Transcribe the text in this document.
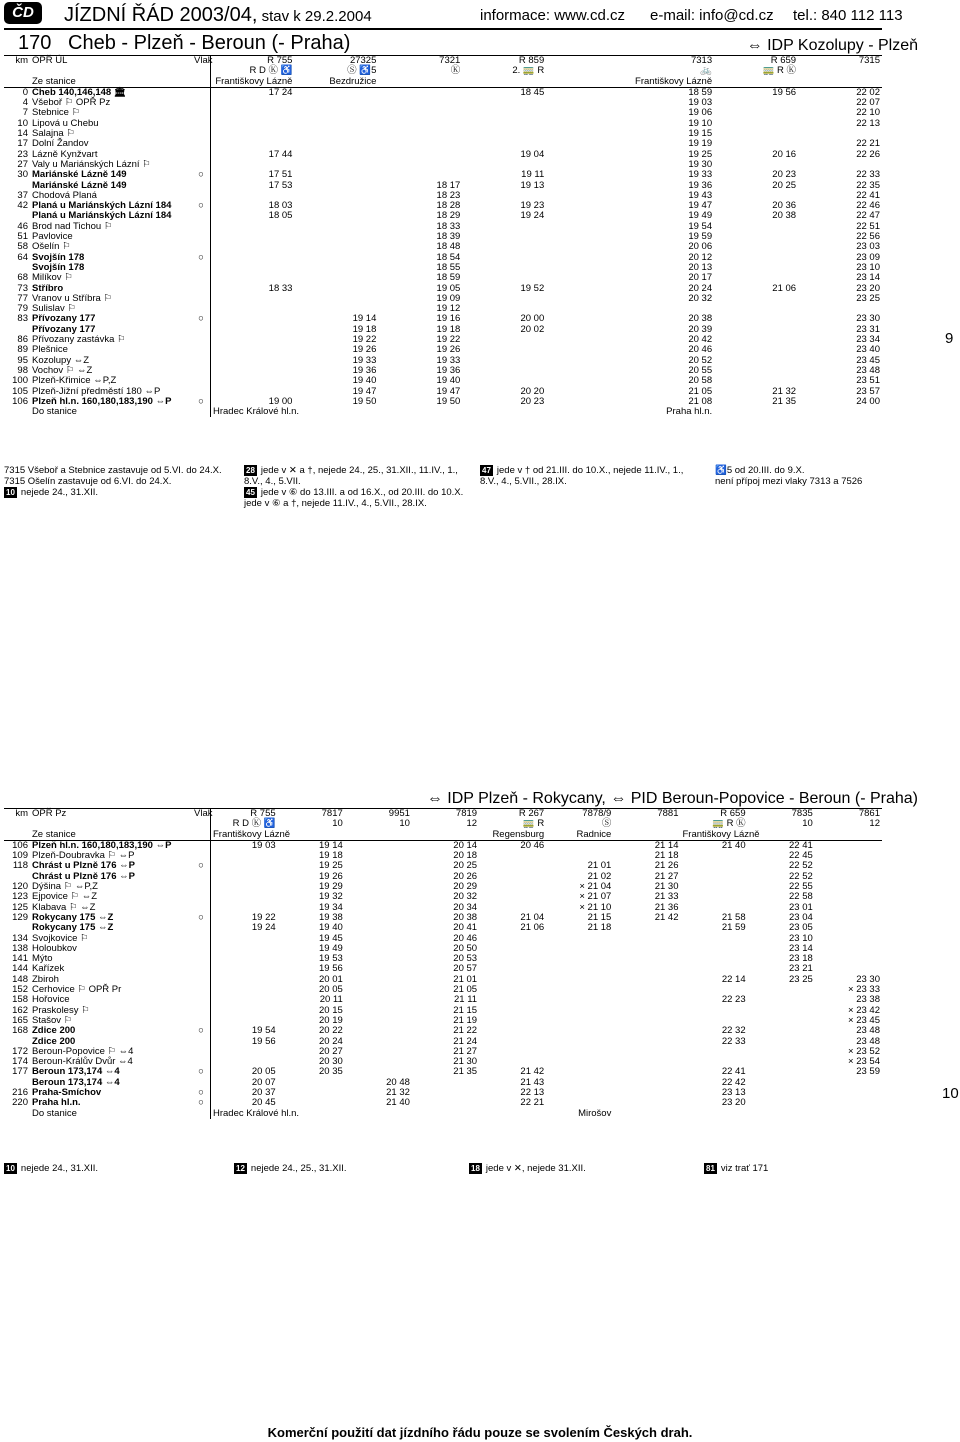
ČD	JÍZDNÍ ŘÁD 2003/04, stav k 29.2.2004	informace: www.cd.cz e-mail: info@cd.cz tel.: 840 112 113
170 Cheb - Plzeň - Beroun (- Praha)	⇔ IDP Kozolupy - Plzeň
km	OPŘ ÚL	Vlak	R 755	27325	7321	R 859		7313	R 659	7315
			R D Ⓚ ♿	Ⓢ ♿5	Ⓚ	2. 🚃 R		🚲	🚃 R Ⓚ	
	Ze stanice		Františkovy Lázně	Bezdružice				Františkovy Lázně		
0	Cheb 140,146,148 🏛		17 24			18 45		18 59	19 56	22 02
4	Všeboř ⚐ OPŘ Pz							19 03		22 07
7	Stebnice ⚐							19 06		22 10
10	Lipová u Chebu							19 10		22 13
14	Salajna ⚐							19 15		
17	Dolní Žandov							19 19		22 21
23	Lázně Kynžvart		17 44			19 04		19 25	20 16	22 26
27	Valy u Mariánských Lázní ⚐							19 30		
30	Mariánské Lázně 149	○	17 51			19 11		19 33	20 23	22 33
	Mariánské Lázně 149		17 53		18 17	19 13		19 36	20 25	22 35
37	Chodová Planá				18 23			19 43		22 41
42	Planá u Mariánských Lázní 184	○	18 03		18 28	19 23		19 47	20 36	22 46
	Planá u Mariánských Lázní 184		18 05		18 29	19 24		19 49	20 38	22 47
46	Brod nad Tichou ⚐				18 33			19 54		22 51
51	Pavlovice				18 39			19 59		22 56
58	Ošelín ⚐				18 48			20 06		23 03
64	Svojšín 178	○			18 54			20 12		23 09
	Svojšín 178				18 55			20 13		23 10
68	Milíkov ⚐				18 59			20 17		23 14
73	Stříbro		18 33		19 05	19 52		20 24	21 06	23 20
77	Vranov u Stříbra ⚐				19 09			20 32		23 25
79	Sulislav ⚐				19 12					
83	Přívozany 177	○		19 14	19 16	20 00		20 38		23 30
	Přívozany 177			19 18	19 18	20 02		20 39		23 31
86	Přívozany zastávka ⚐			19 22	19 22			20 42		23 34
89	Plešnice			19 26	19 26			20 46		23 40
95	Kozolupy ⇔Z			19 33	19 33			20 52		23 45
98	Vochov ⚐ ⇔Z			19 36	19 36			20 55		23 48
100	Plzeň-Křimice ⇔P,Z			19 40	19 40			20 58		23 51
105	Plzeň-Jižní předměstí 180 ⇔P			19 47	19 47	20 20		21 05	21 32	23 57
106	Plzeň hl.n. 160,180,183,190 ⇔P	○	19 00	19 50	19 50	20 23		21 08	21 35	24 00
	Do stanice		Hradec Králové hl.n.					Praha hl.n.		
7315 Všeboř a Stebnice zastavuje od 5.VI. do 24.X.
7315 Ošelín zastavuje od 6.VI. do 24.X.
10 nejede 24., 31.XII.
28 jede v ✕ a †, nejede 24., 25., 31.XII., 11.IV., 1., 8.V., 4., 5.VII.
45 jede v ⑥ do 13.III. a od 16.X., od 20.III. do 10.X. jede v ⑥ a †, nejede 11.IV., 4., 5.VII., 28.IX.
47 jede v † od 21.III. do 10.X., nejede 11.IV., 1., 8.V., 4., 5.VII., 28.IX.
♿5 od 20.III. do 9.X.
není přípoj mezi vlaky 7313 a 7526
9
⇔ IDP Plzeň - Rokycany, ⇔ PID Beroun-Popovice - Beroun (- Praha)
km	OPŘ Pz	Vlak	R 755	7817	9951	7819	R 267	7878/9	7881	R 659	7835	7861
			R D Ⓚ ♿	10	10	12	🚃 R	Ⓢ		🚃 R Ⓚ	10	12
	Ze stanice		Františkovy Lázně				Regensburg	Radnice		Františkovy Lázně		
106	Plzeň hl.n. 160,180,183,190 ⇔P		19 03	19 14		20 14	20 46		21 14	21 40	22 41	
109	Plzeň-Doubravka ⚐ ⇔P			19 18		20 18			21 18		22 45	
118	Chrást u Plzně 176 ⇔P	○		19 25		20 25		21 01	21 26		22 52	
	Chrást u Plzně 176 ⇔P			19 26		20 26		21 02	21 27		22 52	
120	Dýšina ⚐ ⇔P,Z			19 29		20 29		× 21 04	21 30		22 55	
123	Ejpovice ⚐ ⇔Z			19 32		20 32		× 21 07	21 33		22 58	
125	Klabava ⚐ ⇔Z			19 34		20 34		× 21 10	21 36		23 01	
129	Rokycany 175 ⇔Z	○	19 22	19 38		20 38	21 04	21 15	21 42	21 58	23 04	
	Rokycany 175 ⇔Z		19 24	19 40		20 41	21 06	21 18		21 59	23 05	
134	Svojkovice ⚐			19 45		20 46					23 10	
138	Holoubkov			19 49		20 50					23 14	
141	Mýto			19 53		20 53					23 18	
144	Kařízek			19 56		20 57					23 21	
148	Zbiroh			20 01		21 01				22 14	23 25	23 30
152	Cerhovice ⚐ OPŘ Pr			20 05		21 05						× 23 33
158	Hořovice			20 11		21 11				22 23		23 38
162	Praskolesy ⚐			20 15		21 15						× 23 42
165	Stašov ⚐			20 19		21 19						× 23 45
168	Zdice 200	○	19 54	20 22		21 22				22 32		23 48
	Zdice 200		19 56	20 24		21 24				22 33		23 48
172	Beroun-Popovice ⚐ ⇔4			20 27		21 27						× 23 52
174	Beroun-Králův Dvůr ⇔4			20 30		21 30						× 23 54
177	Beroun 173,174 ⇔4	○	20 05	20 35		21 35	21 42			22 41		23 59
	Beroun 173,174 ⇔4		20 07		20 48		21 43			22 42		
216	Praha-Smíchov	○	20 37		21 32		22 13			23 13		
220	Praha hl.n.	○	20 45		21 40		22 21			23 20		
	Do stanice		Hradec Králové hl.n.					Mirošov				
10 nejede 24., 31.XII.	12 nejede 24., 25., 31.XII.	18 jede v ✕, nejede 31.XII.	81 viz trať 171
10
Komerční použití dat jízdního řádu pouze se svolením Českých drah.
